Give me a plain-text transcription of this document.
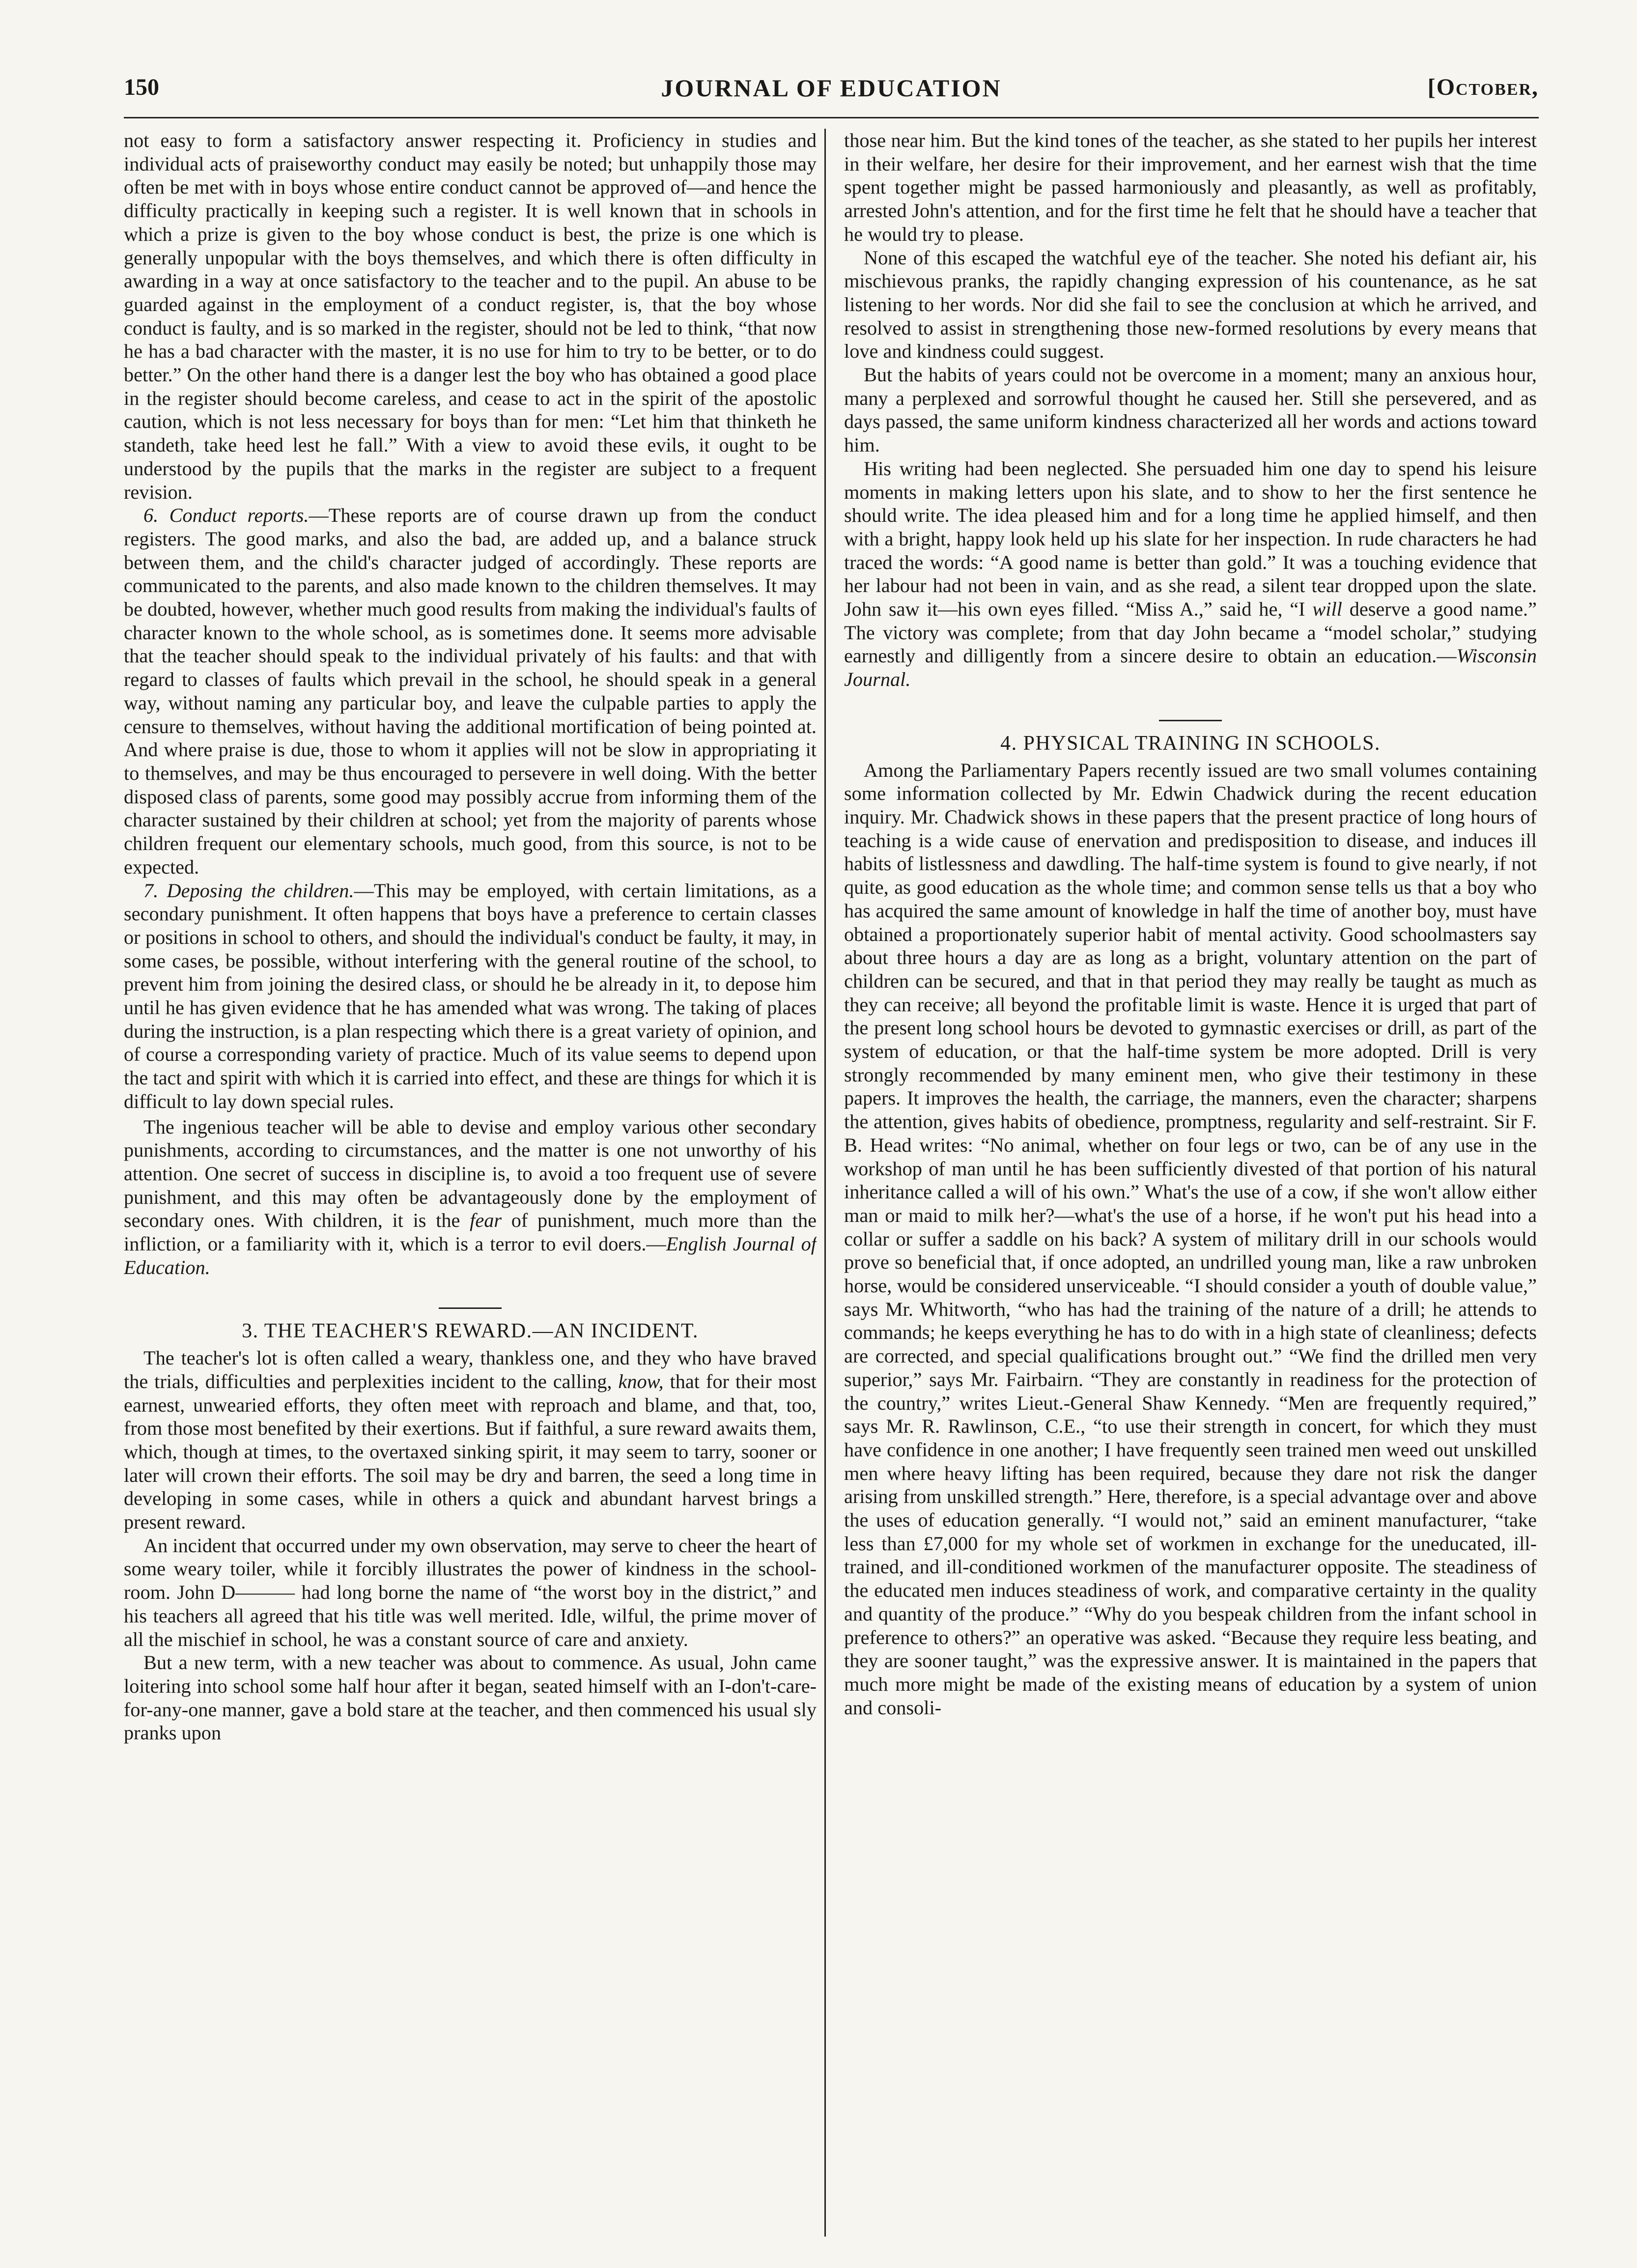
150	JOURNAL OF EDUCATION	[October,

not easy to form a satisfactory answer respecting it. Proficiency in studies and individual acts of praiseworthy conduct may easily be noted; but unhappily those may often be met with in boys whose entire conduct cannot be approved of—and hence the difficulty practically in keeping such a register. It is well known that in schools in which a prize is given to the boy whose conduct is best, the prize is one which is generally unpopular with the boys themselves, and which there is often difficulty in awarding in a way at once satisfactory to the teacher and to the pupil. An abuse to be guarded against in the employment of a conduct register, is, that the boy whose conduct is faulty, and is so marked in the register, should not be led to think, “that now he has a bad character with the master, it is no use for him to try to be better, or to do better.” On the other hand there is a danger lest the boy who has obtained a good place in the register should become careless, and cease to act in the spirit of the apostolic caution, which is not less necessary for boys than for men: “Let him that thinketh he standeth, take heed lest he fall.” With a view to avoid these evils, it ought to be understood by the pupils that the marks in the register are subject to a frequent revision.

6. Conduct reports.—These reports are of course drawn up from the conduct registers. The good marks, and also the bad, are added up, and a balance struck between them, and the child's character judged of accordingly. These reports are communicated to the parents, and also made known to the children themselves. It may be doubted, however, whether much good results from making the individual's faults of character known to the whole school, as is sometimes done. It seems more advisable that the teacher should speak to the individual privately of his faults: and that with regard to classes of faults which prevail in the school, he should speak in a general way, without naming any particular boy, and leave the culpable parties to apply the censure to themselves, without having the additional mortification of being pointed at. And where praise is due, those to whom it applies will not be slow in appropriating it to themselves, and may be thus encouraged to persevere in well doing. With the better disposed class of parents, some good may possibly accrue from informing them of the character sustained by their children at school; yet from the majority of parents whose children frequent our elementary schools, much good, from this source, is not to be expected.

7. Deposing the children.—This may be employed, with certain limitations, as a secondary punishment. It often happens that boys have a preference to certain classes or positions in school to others, and should the individual's conduct be faulty, it may, in some cases, be possible, without interfering with the general routine of the school, to prevent him from joining the desired class, or should he be already in it, to depose him until he has given evidence that he has amended what was wrong. The taking of places during the instruction, is a plan respecting which there is a great variety of opinion, and of course a corresponding variety of practice. Much of its value seems to depend upon the tact and spirit with which it is carried into effect, and these are things for which it is difficult to lay down special rules.

The ingenious teacher will be able to devise and employ various other secondary punishments, according to circumstances, and the matter is one not unworthy of his attention. One secret of success in discipline is, to avoid a too frequent use of severe punishment, and this may often be advantageously done by the employment of secondary ones. With children, it is the fear of punishment, much more than the infliction, or a familiarity with it, which is a terror to evil doers.—English Journal of Education.

3. THE TEACHER'S REWARD.—AN INCIDENT.

The teacher's lot is often called a weary, thankless one, and they who have braved the trials, difficulties and perplexities incident to the calling, know, that for their most earnest, unwearied efforts, they often meet with reproach and blame, and that, too, from those most benefited by their exertions. But if faithful, a sure reward awaits them, which, though at times, to the overtaxed sinking spirit, it may seem to tarry, sooner or later will crown their efforts. The soil may be dry and barren, the seed a long time in developing in some cases, while in others a quick and abundant harvest brings a present reward.

An incident that occurred under my own observation, may serve to cheer the heart of some weary toiler, while it forcibly illustrates the power of kindness in the school-room. John D——— had long borne the name of “the worst boy in the district,” and his teachers all agreed that his title was well merited. Idle, wilful, the prime mover of all the mischief in school, he was a constant source of care and anxiety.

But a new term, with a new teacher was about to commence. As usual, John came loitering into school some half hour after it began, seated himself with an I-don't-care-for-any-one manner, gave a bold stare at the teacher, and then commenced his usual sly pranks upon

those near him. But the kind tones of the teacher, as she stated to her pupils her interest in their welfare, her desire for their improvement, and her earnest wish that the time spent together might be passed harmoniously and pleasantly, as well as profitably, arrested John's attention, and for the first time he felt that he should have a teacher that he would try to please.

None of this escaped the watchful eye of the teacher. She noted his defiant air, his mischievous pranks, the rapidly changing expression of his countenance, as he sat listening to her words. Nor did she fail to see the conclusion at which he arrived, and resolved to assist in strengthening those new-formed resolutions by every means that love and kindness could suggest.

But the habits of years could not be overcome in a moment; many an anxious hour, many a perplexed and sorrowful thought he caused her. Still she persevered, and as days passed, the same uniform kindness characterized all her words and actions toward him.

His writing had been neglected. She persuaded him one day to spend his leisure moments in making letters upon his slate, and to show to her the first sentence he should write. The idea pleased him and for a long time he applied himself, and then with a bright, happy look held up his slate for her inspection. In rude characters he had traced the words: “A good name is better than gold.” It was a touching evidence that her labour had not been in vain, and as she read, a silent tear dropped upon the slate. John saw it—his own eyes filled. “Miss A.,” said he, “I will deserve a good name.” The victory was complete; from that day John became a “model scholar,” studying earnestly and dilligently from a sincere desire to obtain an education.—Wisconsin Journal.

4. PHYSICAL TRAINING IN SCHOOLS.

Among the Parliamentary Papers recently issued are two small volumes containing some information collected by Mr. Edwin Chadwick during the recent education inquiry. Mr. Chadwick shows in these papers that the present practice of long hours of teaching is a wide cause of enervation and predisposition to disease, and induces ill habits of listlessness and dawdling. The half-time system is found to give nearly, if not quite, as good education as the whole time; and common sense tells us that a boy who has acquired the same amount of knowledge in half the time of another boy, must have obtained a proportionately superior habit of mental activity. Good schoolmasters say about three hours a day are as long as a bright, voluntary attention on the part of children can be secured, and that in that period they may really be taught as much as they can receive; all beyond the profitable limit is waste. Hence it is urged that part of the present long school hours be devoted to gymnastic exercises or drill, as part of the system of education, or that the half-time system be more adopted. Drill is very strongly recommended by many eminent men, who give their testimony in these papers. It improves the health, the carriage, the manners, even the character; sharpens the attention, gives habits of obedience, promptness, regularity and self-restraint. Sir F. B. Head writes: “No animal, whether on four legs or two, can be of any use in the workshop of man until he has been sufficiently divested of that portion of his natural inheritance called a will of his own.” What's the use of a cow, if she won't allow either man or maid to milk her?—what's the use of a horse, if he won't put his head into a collar or suffer a saddle on his back? A system of military drill in our schools would prove so beneficial that, if once adopted, an undrilled young man, like a raw unbroken horse, would be considered unserviceable. “I should consider a youth of double value,” says Mr. Whitworth, “who has had the training of the nature of a drill; he attends to commands; he keeps everything he has to do with in a high state of cleanliness; defects are corrected, and special qualifications brought out.” “We find the drilled men very superior,” says Mr. Fairbairn. “They are constantly in readiness for the protection of the country,” writes Lieut.-General Shaw Kennedy. “Men are frequently required,” says Mr. R. Rawlinson, C.E., “to use their strength in concert, for which they must have confidence in one another; I have frequently seen trained men weed out unskilled men where heavy lifting has been required, because they dare not risk the danger arising from unskilled strength.” Here, therefore, is a special advantage over and above the uses of education generally. “I would not,” said an eminent manufacturer, “take less than £7,000 for my whole set of workmen in exchange for the uneducated, ill-trained, and ill-conditioned workmen of the manufacturer opposite. The steadiness of the educated men induces steadiness of work, and comparative certainty in the quality and quantity of the produce.” “Why do you bespeak children from the infant school in preference to others?” an operative was asked. “Because they require less beating, and they are sooner taught,” was the expressive answer. It is maintained in the papers that much more might be made of the existing means of education by a system of union and consoli-
